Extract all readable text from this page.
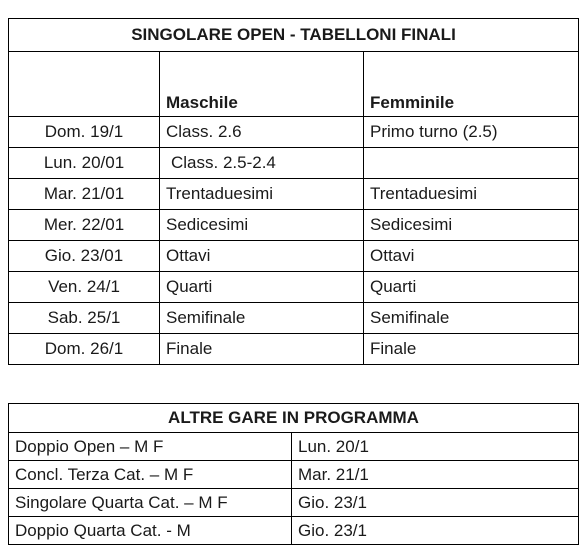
SINGOLARE OPEN - TABELLONI FINALI		
	Maschile	Femminile
Dom. 19/1	Class. 2.6	Primo turno (2.5)
Lun. 20/01	Class. 2.5-2.4	
Mar. 21/01	Trentaduesimi	Trentaduesimi
Mer. 22/01	Sedicesimi	Sedicesimi
Gio. 23/01	Ottavi	Ottavi
Ven. 24/1	Quarti	Quarti
Sab. 25/1	Semifinale	Semifinale
Dom. 26/1	Finale	Finale
ALTRE GARE IN PROGRAMMA	
Doppio Open – M F	Lun. 20/1
Concl. Terza Cat. – M F	Mar. 21/1
Singolare Quarta Cat. – M F	Gio. 23/1
Doppio Quarta Cat. - M	Gio. 23/1
